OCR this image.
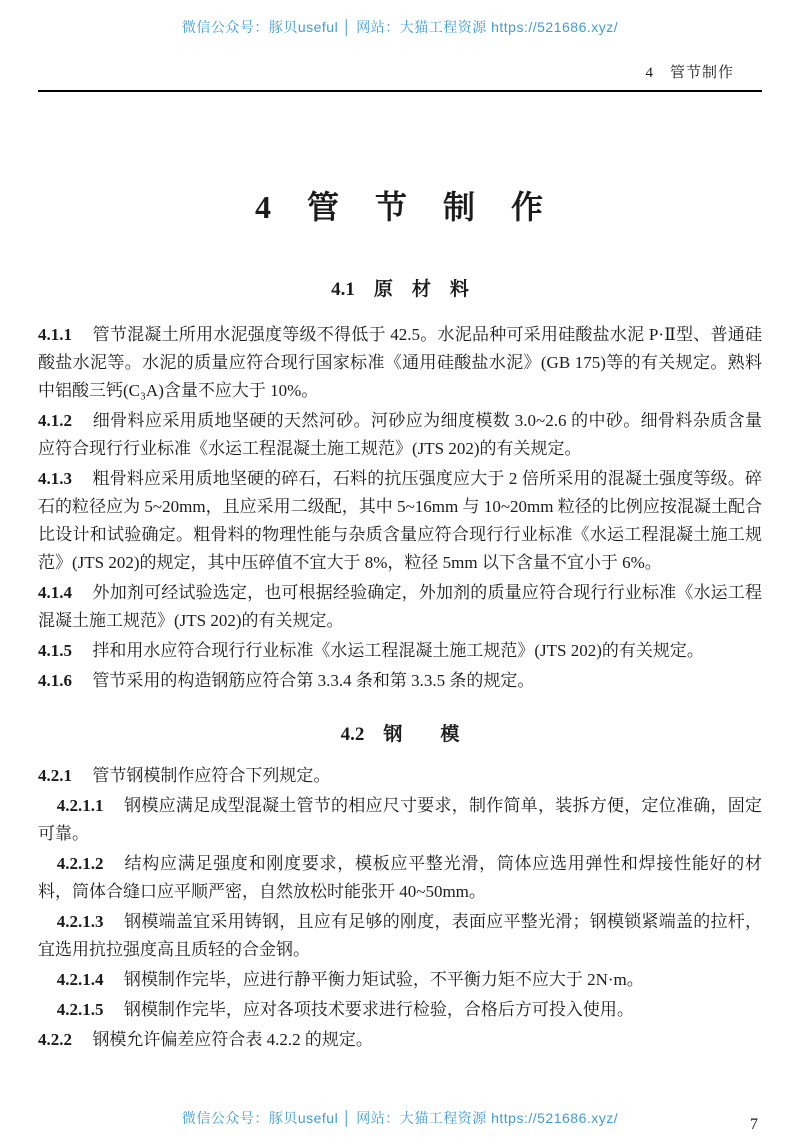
微信公众号：豚贝useful │ 网站：大猫工程资源 https://521686.xyz/
4　管节制作
4　管　节　制　作
4.1　原　材　料

4.1.1 管节混凝土所用水泥强度等级不得低于 42.5。水泥品种可采用硅酸盐水泥 P·Ⅱ型、普通硅酸盐水泥等。水泥的质量应符合现行国家标准《通用硅酸盐水泥》(GB 175)等的有关规定。熟料中铝酸三钙(C₃A)含量不应大于 10%。

4.1.2 细骨料应采用质地坚硬的天然河砂。河砂应为细度模数 3.0~2.6 的中砂。细骨料杂质含量应符合现行行业标准《水运工程混凝土施工规范》(JTS 202)的有关规定。

4.1.3 粗骨料应采用质地坚硬的碎石，石料的抗压强度应大于 2 倍所采用的混凝土强度等级。碎石的粒径应为 5~20mm，且应采用二级配，其中 5~16mm 与 10~20mm 粒径的比例应按混凝土配合比设计和试验确定。粗骨料的物理性能与杂质含量应符合现行行业标准《水运工程混凝土施工规范》(JTS 202)的规定，其中压碎值不宜大于 8%，粒径 5mm 以下含量不宜小于 6%。

4.1.4 外加剂可经试验选定，也可根据经验确定，外加剂的质量应符合现行行业标准《水运工程混凝土施工规范》(JTS 202)的有关规定。

4.1.5 拌和用水应符合现行行业标准《水运工程混凝土施工规范》(JTS 202)的有关规定。

4.1.6 管节采用的构造钢筋应符合第 3.3.4 条和第 3.3.5 条的规定。

4.2　钢　　模

4.2.1 管节钢模制作应符合下列规定。

4.2.1.1 钢模应满足成型混凝土管节的相应尺寸要求，制作简单，装拆方便，定位准确，固定可靠。

4.2.1.2 结构应满足强度和刚度要求，模板应平整光滑，筒体应选用弹性和焊接性能好的材料，筒体合缝口应平顺严密，自然放松时能张开 40~50mm。

4.2.1.3 钢模端盖宜采用铸钢，且应有足够的刚度，表面应平整光滑；钢模锁紧端盖的拉杆，宜选用抗拉强度高且质轻的合金钢。

4.2.1.4 钢模制作完毕，应进行静平衡力矩试验，不平衡力矩不应大于 2N·m。

4.2.1.5 钢模制作完毕，应对各项技术要求进行检验，合格后方可投入使用。

4.2.2 钢模允许偏差应符合表 4.2.2 的规定。

微信公众号：豚贝useful │ 网站：大猫工程资源 https://521686.xyz/	7
